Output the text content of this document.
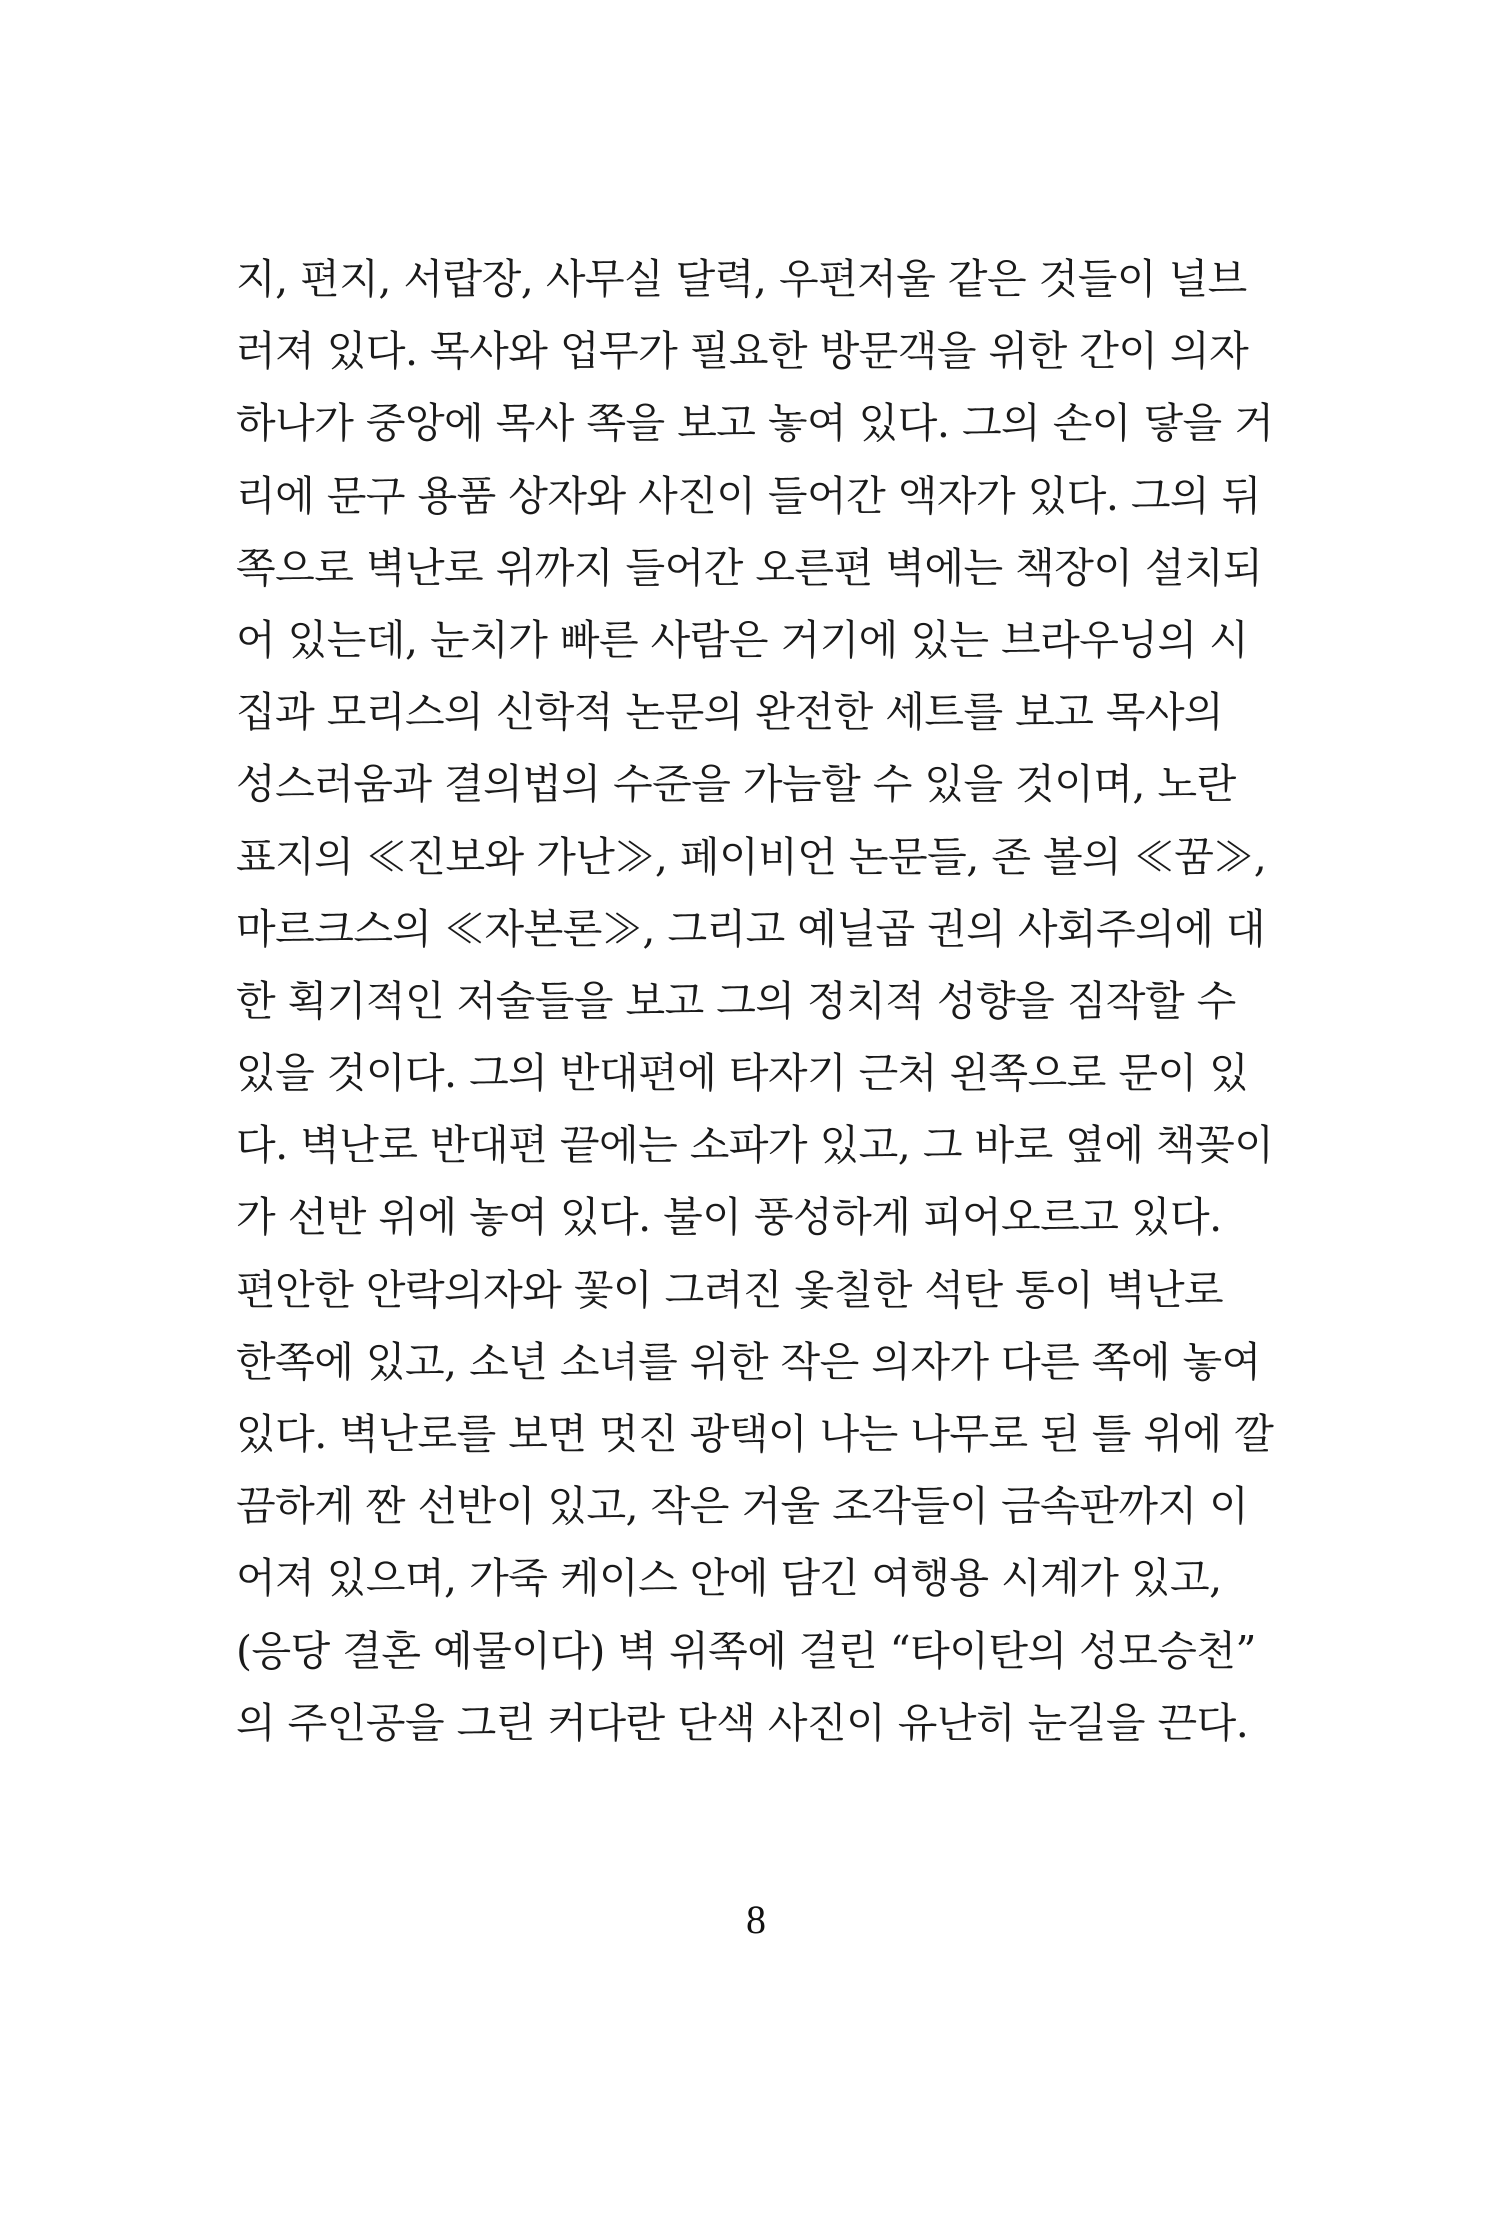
지, 편지, 서랍장, 사무실 달력, 우편저울 같은 것들이 널브
러져 있다. 목사와 업무가 필요한 방문객을 위한 간이 의자
하나가 중앙에 목사 쪽을 보고 놓여 있다. 그의 손이 닿을 거
리에 문구 용품 상자와 사진이 들어간 액자가 있다. 그의 뒤
쪽으로 벽난로 위까지 들어간 오른편 벽에는 책장이 설치되
어 있는데, 눈치가 빠른 사람은 거기에 있는 브라우닝의 시
집과 모리스의 신학적 논문의 완전한 세트를 보고 목사의
성스러움과 결의법의 수준을 가늠할 수 있을 것이며, 노란
표지의 ≪진보와 가난≫, 페이비언 논문들, 존 볼의 ≪꿈≫,
마르크스의 ≪자본론≫, 그리고 예닐곱 권의 사회주의에 대
한 획기적인 저술들을 보고 그의 정치적 성향을 짐작할 수
있을 것이다. 그의 반대편에 타자기 근처 왼쪽으로 문이 있
다. 벽난로 반대편 끝에는 소파가 있고, 그 바로 옆에 책꽂이
가 선반 위에 놓여 있다. 불이 풍성하게 피어오르고 있다.
편안한 안락의자와 꽃이 그려진 옻칠한 석탄 통이 벽난로
한쪽에 있고, 소년 소녀를 위한 작은 의자가 다른 쪽에 놓여
있다. 벽난로를 보면 멋진 광택이 나는 나무로 된 틀 위에 깔
끔하게 짠 선반이 있고, 작은 거울 조각들이 금속판까지 이
어져 있으며, 가죽 케이스 안에 담긴 여행용 시계가 있고,
(응당 결혼 예물이다) 벽 위쪽에 걸린 “타이탄의 성모승천”
의 주인공을 그린 커다란 단색 사진이 유난히 눈길을 끈다.
8
